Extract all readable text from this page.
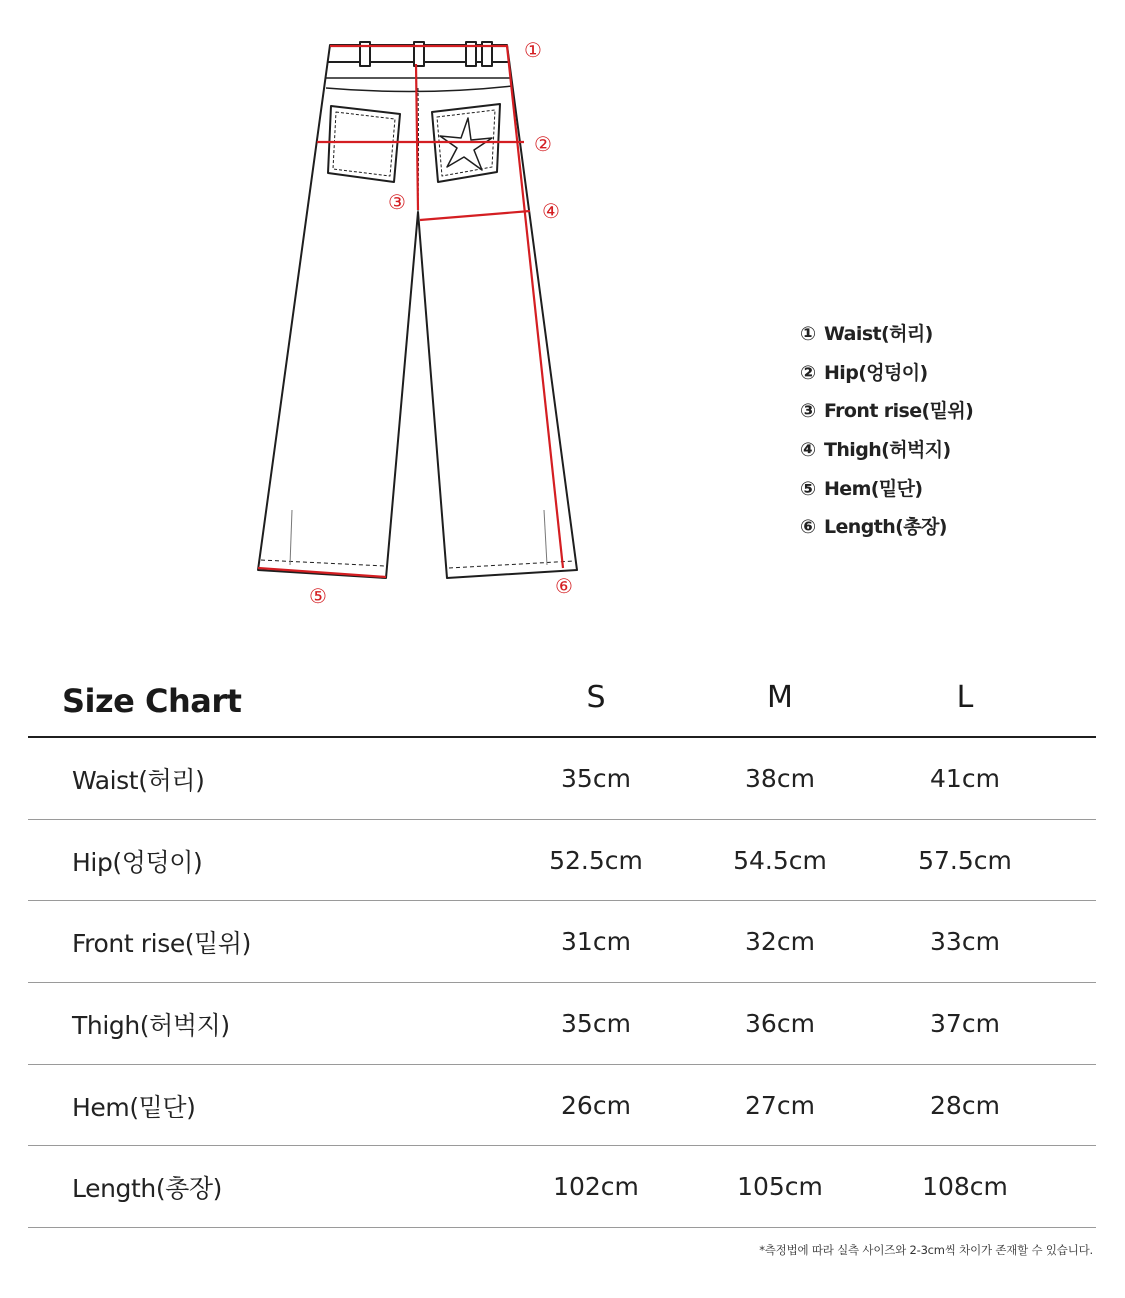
①
②
③	④
⑤	⑥
① Waist(허리)
② Hip(엉덩이)
③ Front rise(밑위)
④ Thigh(허벅지)
⑤ Hem(밑단)
⑥ Length(총장)
Size Chart	S	M	L
Waist(허리)	35cm	38cm	41cm
Hip(엉덩이)	52.5cm	54.5cm	57.5cm
Front rise(밑위)	31cm	32cm	33cm
Thigh(허벅지)	35cm	36cm	37cm
Hem(밑단)	26cm	27cm	28cm
Length(총장)	102cm	105cm	108cm
*측정법에 따라 실측 사이즈와 2-3cm씩 차이가 존재할 수 있습니다.
